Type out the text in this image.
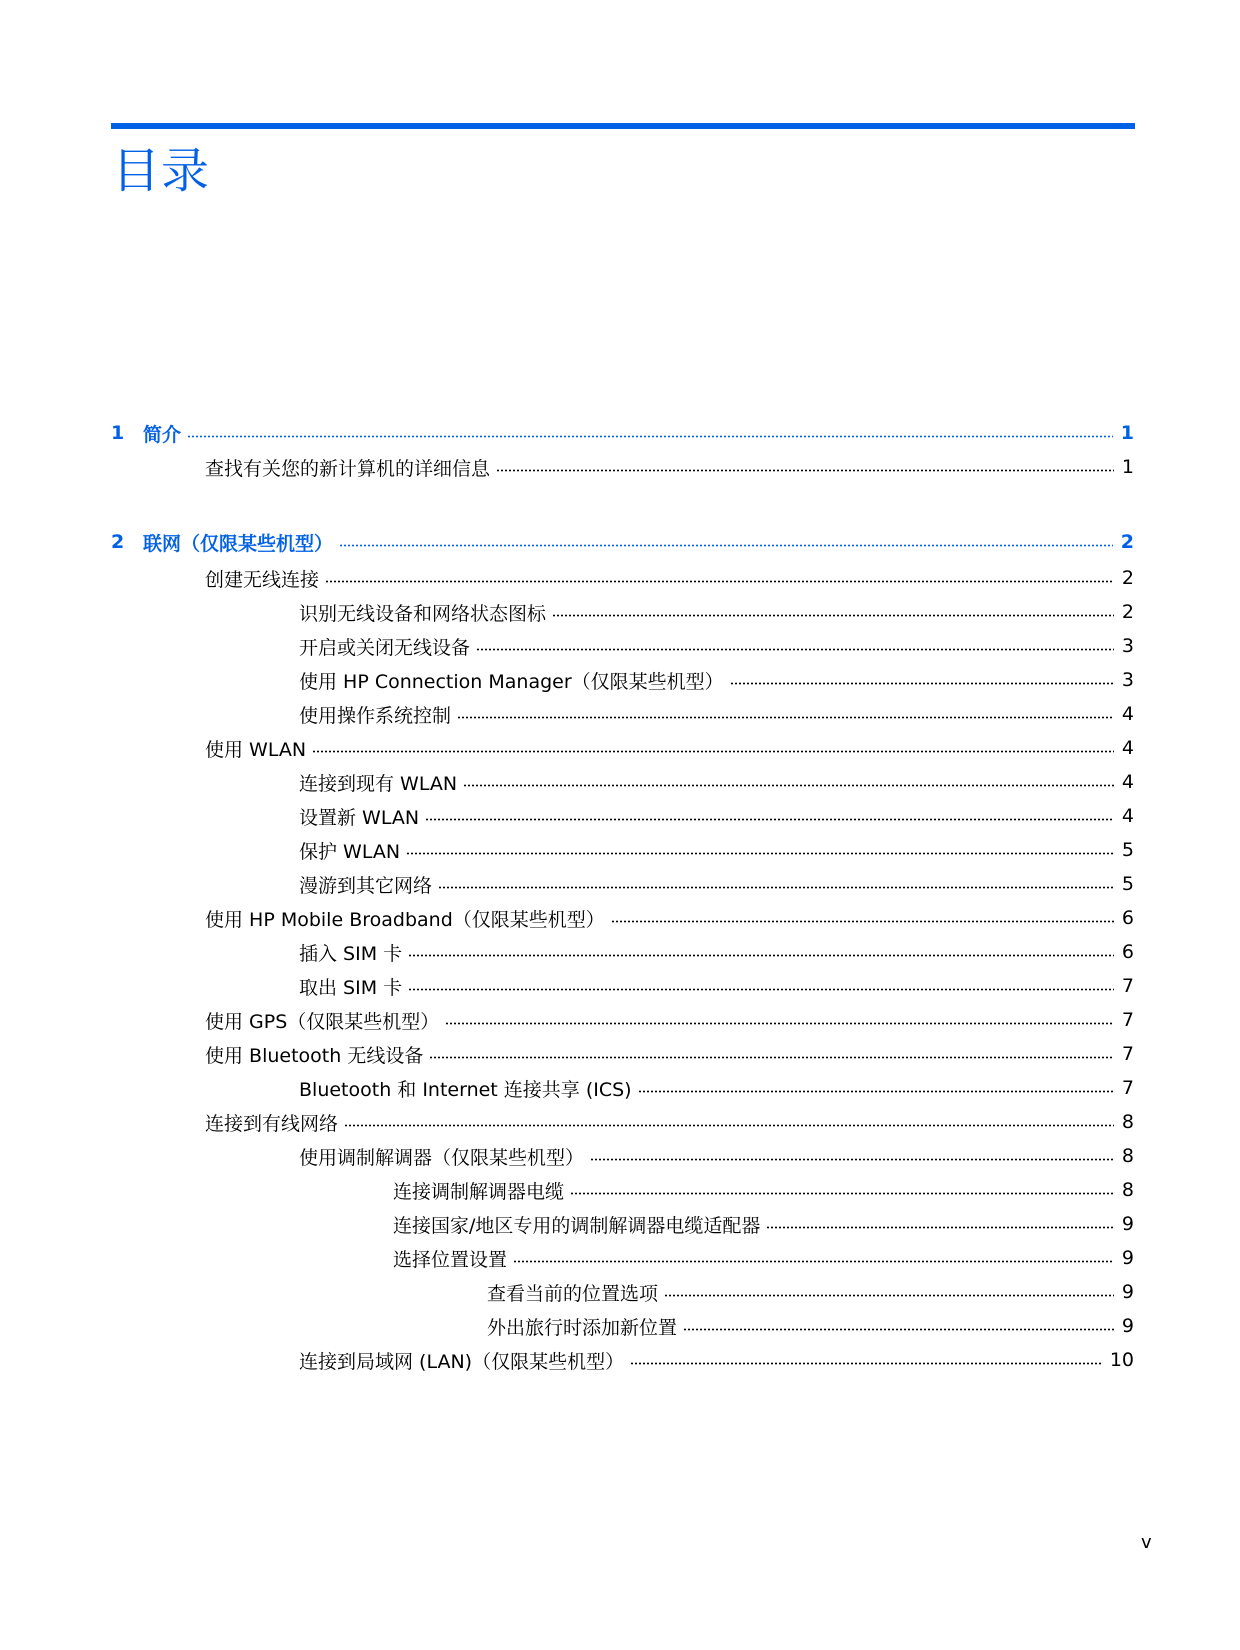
目录
1 简介	1
查找有关您的新计算机的详细信息	1
2 联网（仅限某些机型）	2
创建无线连接	2
识别无线设备和网络状态图标	2
开启或关闭无线设备	3
使用 HP Connection Manager（仅限某些机型）	3
使用操作系统控制	4
使用 WLAN	4
连接到现有 WLAN	4
设置新 WLAN	4
保护 WLAN	5
漫游到其它网络	5
使用 HP Mobile Broadband（仅限某些机型）	6
插入 SIM 卡	6
取出 SIM 卡	7
使用 GPS（仅限某些机型）	7
使用 Bluetooth 无线设备	7
Bluetooth 和 Internet 连接共享 (ICS)	7
连接到有线网络	8
使用调制解调器（仅限某些机型）	8
连接调制解调器电缆	8
连接国家/地区专用的调制解调器电缆适配器	9
选择位置设置	9
查看当前的位置选项	9
外出旅行时添加新位置	9
连接到局域网 (LAN)（仅限某些机型）	10
v
